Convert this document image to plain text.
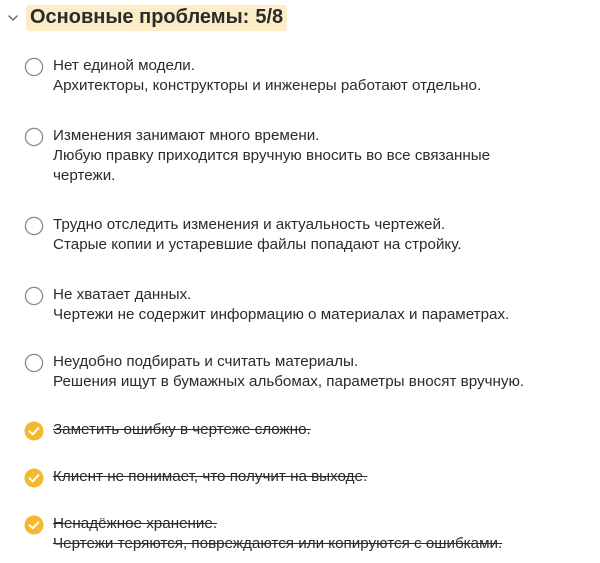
Основные проблемы: 5/8
Нет единой модели.
Архитекторы, конструкторы и инженеры работают отдельно.
Изменения занимают много времени.
Любую правку приходится вручную вносить во все связанные чертежи.
Трудно отследить изменения и актуальность чертежей.
Старые копии и устаревшие файлы попадают на стройку.
Не хватает данных.
Чертежи не содержит информацию о материалах и параметрах.
Неудобно подбирать и считать материалы.
Решения ищут в бумажных альбомах, параметры вносят вручную.
Заметить ошибку в чертеже сложно.
Клиент не понимает, что получит на выходе.
Ненадёжное хранение.
Чертежи теряются, повреждаются или копируются с ошибками.
